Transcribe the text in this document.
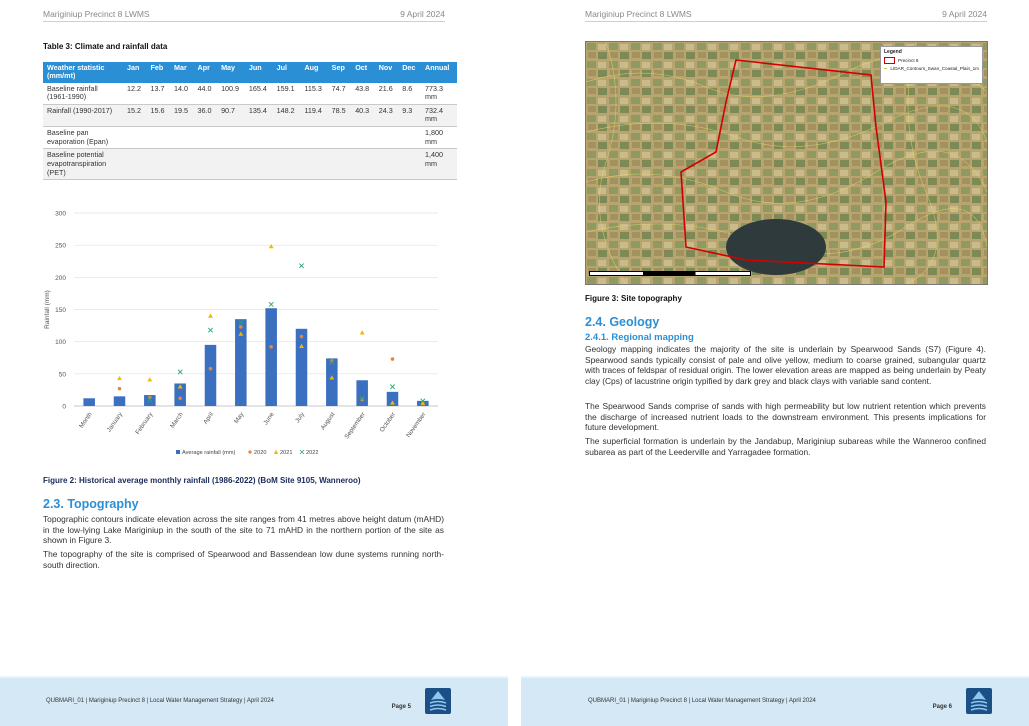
Mariginiup Precinct 8 LWMS	9 April 2024
Table 3: Climate and rainfall data
Weather statistic (mm/mt)	Jan	Feb	Mar	Apr	May	Jun	Jul	Aug	Sep	Oct	Nov	Dec	Annual
Baseline rainfall (1961-1990)	12.2	13.7	14.0	44.0	100.9	165.4	159.1	115.3	74.7	43.8	21.6	8.6	773.3 mm
Rainfall (1990-2017)	15.2	15.6	19.5	36.0	90.7	135.4	148.2	119.4	78.5	40.3	24.3	9.3	732.4 mm
Baseline pan evaporation (Epan)													1,800 mm
Baseline potential evapotranspiration (PET)													1,400 mm
0
50
100
150
200
250
300
Rainfall (mm)
Month January February March	April	May	June	July August September October November
Average rainfall (mm)	2020 2021 2022
Figure 2: Historical average monthly rainfall (1986-2022) (BoM Site 9105, Wanneroo)
2.3. Topography
Topographic contours indicate elevation across the site ranges from 41 metres above height datum (mAHD) in the low-lying Lake Mariginiup in the south of the site to 71 mAHD in the northern portion of the site as shown in Figure 3.
The topography of the site is comprised of Spearwood and Bassendean low dune systems running north-south direction.
QUBMARI_01 | Mariginiup Precinct 8 | Local Water Management Strategy | April 2024
Page 5
Mariginiup Precinct 8 LWMS	9 April 2024
Figure 3: Site topography
2.4. Geology
2.4.1. Regional mapping
Geology mapping indicates the majority of the site is underlain by Spearwood Sands (S7) (Figure 4). Spearwood sands typically consist of pale and olive yellow, medium to coarse grained, subangular quartz with traces of feldspar of residual origin. The lower elevation areas are mapped as being underlain by Peaty clay (Cps) of lacustrine origin typified by dark grey and black clays with variable sand content.
The Spearwood Sands comprise of sands with high permeability but low nutrient retention which prevents the discharge of increased nutrient loads to the downstream environment. This presents implications for future development.
The superficial formation is underlain by the Jandabup, Mariginiup subareas while the Wanneroo confined subarea as part of the Leederville and Yarragadee formation.
QUBMARI_01 | Mariginiup Precinct 8 | Local Water Management Strategy | April 2024
Page 6
Legend
Precinct 8
LIDAR_Contours_Swan_Coastal_Plain_1m
